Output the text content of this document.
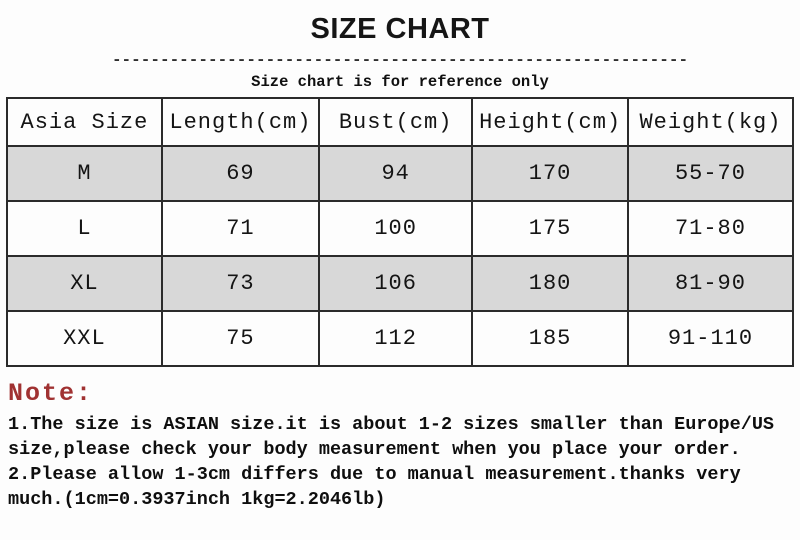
SIZE CHART
------------------------------------------------------------
Size chart is for reference only
Asia Size	Length(cm)	Bust(cm)	Height(cm)	Weight(kg)
M	69	94	170	55-70
L	71	100	175	71-80
XL	73	106	180	81-90
XXL	75	112	185	91-110
Note:
1.The size is ASIAN size.it is about 1-2 sizes smaller than Europe/US
size,please check your body measurement when you place your order.
2.Please allow 1-3cm differs due to manual measurement.thanks very
much.(1cm=0.3937inch 1kg=2.2046lb)
